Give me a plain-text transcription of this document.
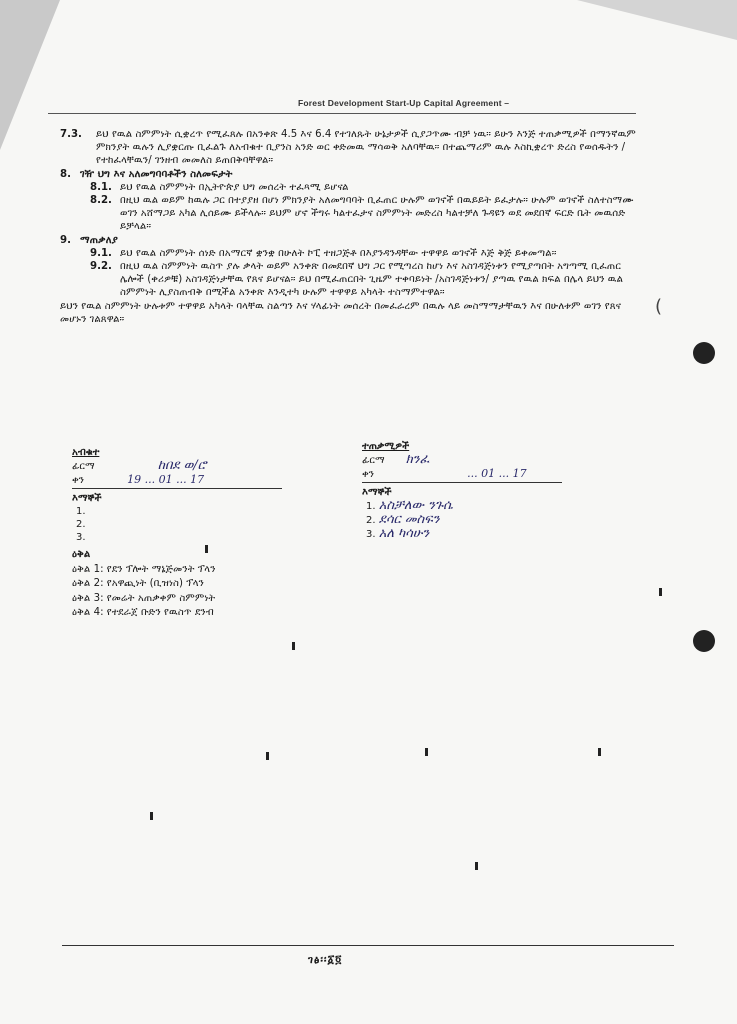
Forest Development Start-Up Capital Agreement –

7.3. ይህ የዉል ስምምነት ሲቋረጥ የሚፈጸሉ በአንቀጽ 4.5 እና 6.4 የተገለጹት ሁኔታዎች ሲያጋጥሙ ብቻ ነዉ። ይሁን እንጅ ተጠቃሚዎች በማንኛዉም ምክንያት ዉሉን ሊያቋርጡ ቢፈልጉ ለአብቁተ ቢያንስ አንድ ወር ቀድመዉ ማሳወቅ አለባቸዉ። በተጨማሪም ዉሉ እስኪቋረጥ ድረስ የወሰዱትን /የተከፈላቸዉን/ ገንዘብ መመለስ ይጠበቅባቸዋል።

8. ገዥ ህግ እና አለመግባባቶችን ስለመፍታት

8.1. ይህ የዉል ስምምነት በኢትዮጵያ ህግ መሰረት ተፈጻሚ ይሆናል

8.2. በዚህ ዉል ወይም ከዉሉ ጋር በተያያዘ በሆነ ምክንያት አለመግባባት ቢፈጠር ሁሉም ወገኖች በዉይይት ይፈታሉ። ሁሉም ወገኖች ስለተስማሙ ወገን አሸማጋይ አካል ሊሰይሙ ይችላሉ። ይህም ሆኖ ችግሩ ካልተፈታና ስምምነት መድረስ ካልተቻለ ጉዳዩን ወደ መደበኛ ፍርድ ቤት መዉሰድ ይቻላል።

9. ማጠቃለያ

9.1. ይህ የዉል ስምምነት ሰነድ በአማርኛ ቋንቋ በሁለት ኮፒ ተዘጋጅቶ በእያንዳንዳቸው ተዋዋይ ወገኖች እጅ ቅጅ ይቀመጣል።

9.2. በዚህ ዉል ስምምነት ዉስጥ ያሉ ቃላት ወይም አንቀጽ በመደበኛ ህግ ጋር የሚጣረስ ከሆነ እና አስገዳጅነቱን የሚያጣበት አግጣሚ ቢፈጠር ሌሎች (ቀሪዎቹ) አስገዳጅነታቸዉ የጸና ይሆናል። ይህ በሚፈጠርበት ጊዜም ተቀባይነት /አስገዳጅነቱን/ ያጣዉ የዉል ክፍል በሌላ ይህን ዉል ስምምነት ሊያስጠብቅ በሚችል አንቀጽ እንዲተካ ሁሉም ተዋዋይ አካላት ተስማምተዋል።

ይህን የዉል ስምምነት ሁሉቱም ተዋዋይ አካላት ባላቸዉ ስልጣን እና ሃላፊነት መሰረት በመፈራረም በዉሉ ላይ መስማማታቸዉን እና በሁለቱም ወገን የጸና መሆኑን ገልጸዋል።

አብቁተ
ፊርማ	ከበደ ወ/ሮ
ቀን	19 ... 01 ... 17
እማኞች
1.
2.
3.
ተጠቃሚዎች
ፊርማ ክንፈ
ቀን	... 01 ... 17
እማኞች
1. አስቻለው ንጉሴ
2. ደሳር መስፍን
3. አለ ካሳሁን
ዕቅል
ዕቅል 1: የደን ፕሎት ማኔጅመንት ፕላን
ዕቅል 2: የአዋጪነት (ቢዝነስ) ፕላን
ዕቅል 3: የመሬት አጠቃቀም ስምምነት
ዕቅል 4: የተደራጀ ቡድን የዉስጥ ደንብ
(
ገፅ፡፡፩፬
